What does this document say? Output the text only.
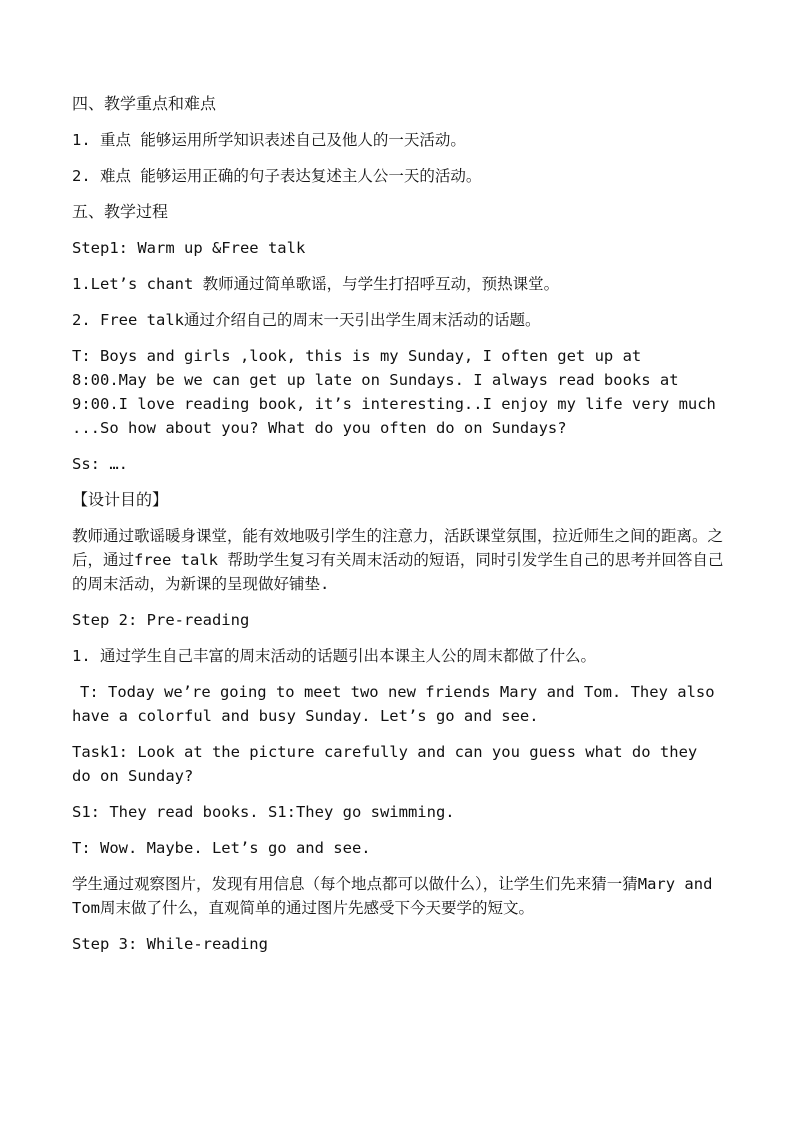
四、教学重点和难点

1. 重点 能够运用所学知识表述自己及他人的一天活动。

2. 难点 能够运用正确的句子表达复述主人公一天的活动。

五、教学过程

Step1: Warm up &Free talk

1.Let’s chant 教师通过简单歌谣，与学生打招呼互动，预热课堂。

2. Free talk通过介绍自己的周末一天引出学生周末活动的话题。

T: Boys and girls ,look, this is my Sunday, I often get up at 8:00.May be we can get up late on Sundays. I always read books at 9:00.I love reading book, it’s interesting..I enjoy my life very much ...So how about you? What do you often do on Sundays?

Ss: ….

【设计目的】

教师通过歌谣暖身课堂，能有效地吸引学生的注意力，活跃课堂氛围，拉近师生之间的距离。之后，通过free talk 帮助学生复习有关周末活动的短语，同时引发学生自己的思考并回答自己的周末活动，为新课的呈现做好铺垫.

Step 2: Pre-reading

1. 通过学生自己丰富的周末活动的话题引出本课主人公的周末都做了什么。

T: Today we’re going to meet two new friends Mary and Tom. They also have a colorful and busy Sunday. Let’s go and see.

Task1: Look at the picture carefully and can you guess what do they do on Sunday?

S1: They read books. S1:They go swimming.

T: Wow. Maybe. Let’s go and see.

学生通过观察图片，发现有用信息（每个地点都可以做什么），让学生们先来猜一猜Mary and Tom周末做了什么，直观简单的通过图片先感受下今天要学的短文。

Step 3: While-reading
